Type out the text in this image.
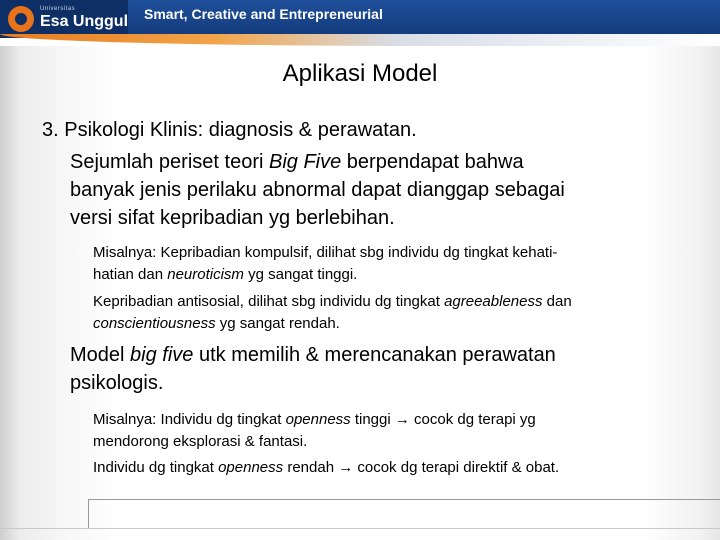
Universitas
Esa Unggul Smart, Creative and Entrepreneurial
Aplikasi Model
3. Psikologi Klinis: diagnosis & perawatan.
Sejumlah periset teori Big Five berpendapat bahwa
banyak jenis perilaku abnormal dapat dianggap sebagai
versi sifat kepribadian yg berlebihan.
Misalnya: Kepribadian kompulsif, dilihat sbg individu dg tingkat kehati-
hatian dan neuroticism yg sangat tinggi.
Kepribadian antisosial, dilihat sbg individu dg tingkat agreeableness dan
conscientiousness yg sangat rendah.
Model big five utk memilih & merencanakan perawatan
psikologis.
Misalnya: Individu dg tingkat openness tinggi → cocok dg terapi yg
mendorong eksplorasi & fantasi.
Individu dg tingkat openness rendah → cocok dg terapi direktif & obat.
